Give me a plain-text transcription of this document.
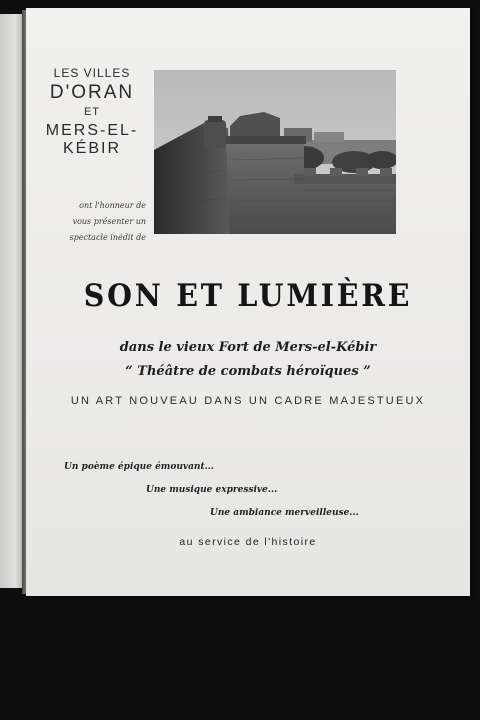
LES VILLES
D'ORAN
ET
MERS-EL-KÉBIR
ont l'honneur de
vous présenter un
spectacle inédit de
SON ET LUMIÈRE
dans le vieux Fort de Mers-el-Kébir
“ Théâtre de combats héroïques ”
UN ART NOUVEAU DANS UN CADRE MAJESTUEUX
Un poème épique émouvant...
Une musique expressive...
Une ambiance merveilleuse...
au service de l'histoire
